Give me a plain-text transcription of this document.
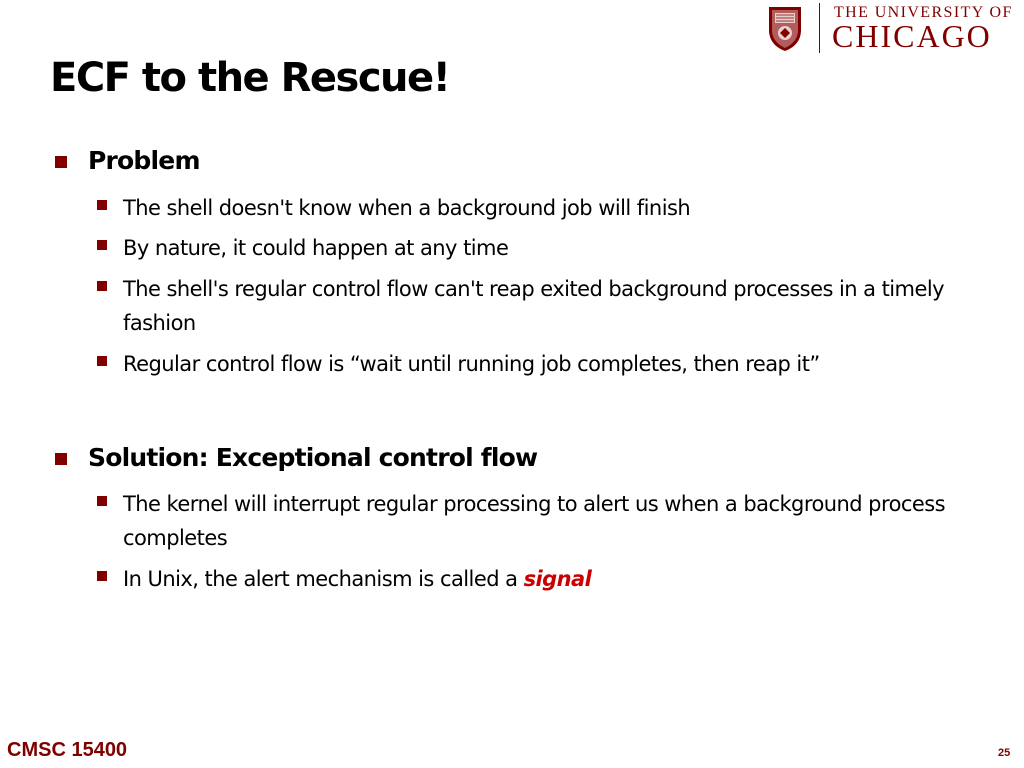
THE UNIVERSITY OF
CHICAGO
ECF to the Rescue!
Problem
The shell doesn't know when a background job will finish
By nature, it could happen at any time
The shell's regular control flow can't reap exited background processes in a timely fashion
Regular control flow is “wait until running job completes, then reap it”
Solution: Exceptional control flow
The kernel will interrupt regular processing to alert us when a background process completes
In Unix, the alert mechanism is called a signal
CMSC 15400	25
